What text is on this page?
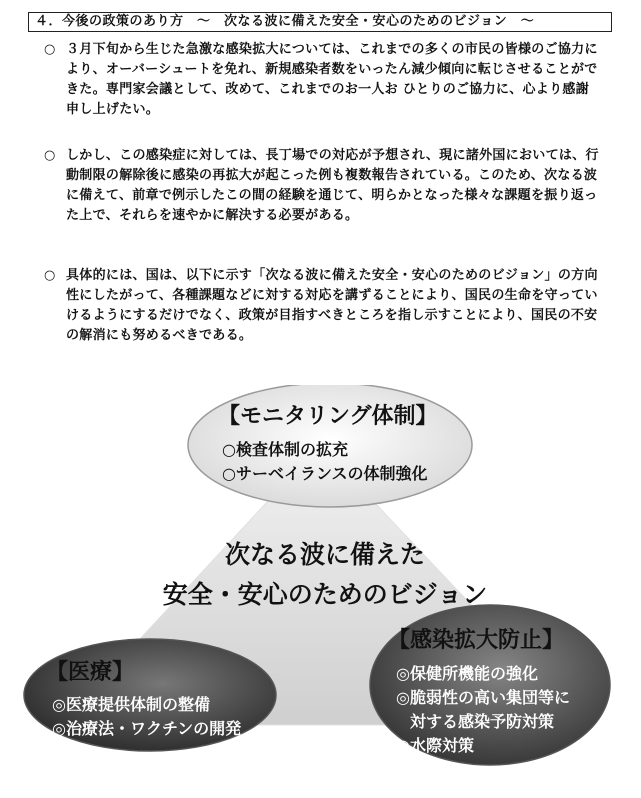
４．今後の政策のあり方　～　次なる波に備えた安全・安心のためのビジョン　～
○ ３月下旬から生じた急激な感染拡大については、これまでの多くの市民の皆様のご協力により、オーバーシュートを免れ、新規感染者数をいったん減少傾向に転じさせることができた。専門家会議として、改めて、これまでのお一人お ひとりのご協力に、心より感謝申し上げたい。
○ しかし、この感染症に対しては、長丁場での対応が予想され、現に諸外国においては、行動制限の解除後に感染の再拡大が起こった例も複数報告されている。このため、次なる波に備えて、前章で例示したこの間の経験を通じて、明らかとなった様々な課題を振り返った上で、それらを速やかに解決する必要がある。
○ 具体的には、国は、以下に示す「次なる波に備えた安全・安心のためのビジョン」の方向性にしたがって、各種課題などに対する対応を講ずることにより、国民の生命を守っていけるようにするだけでなく、政策が目指すべきところを指し示すことにより、国民の不安の解消にも努めるべきである。
【モニタリング体制】
○検査体制の拡充
○サーベイランスの体制強化
次なる波に備えた
安全・安心のためのビジョン
【医療】
◎医療提供体制の整備
◎治療法・ワクチンの開発
【感染拡大防止】
◎保健所機能の強化
◎脆弱性の高い集団等に
対する感染予防対策
◎水際対策
